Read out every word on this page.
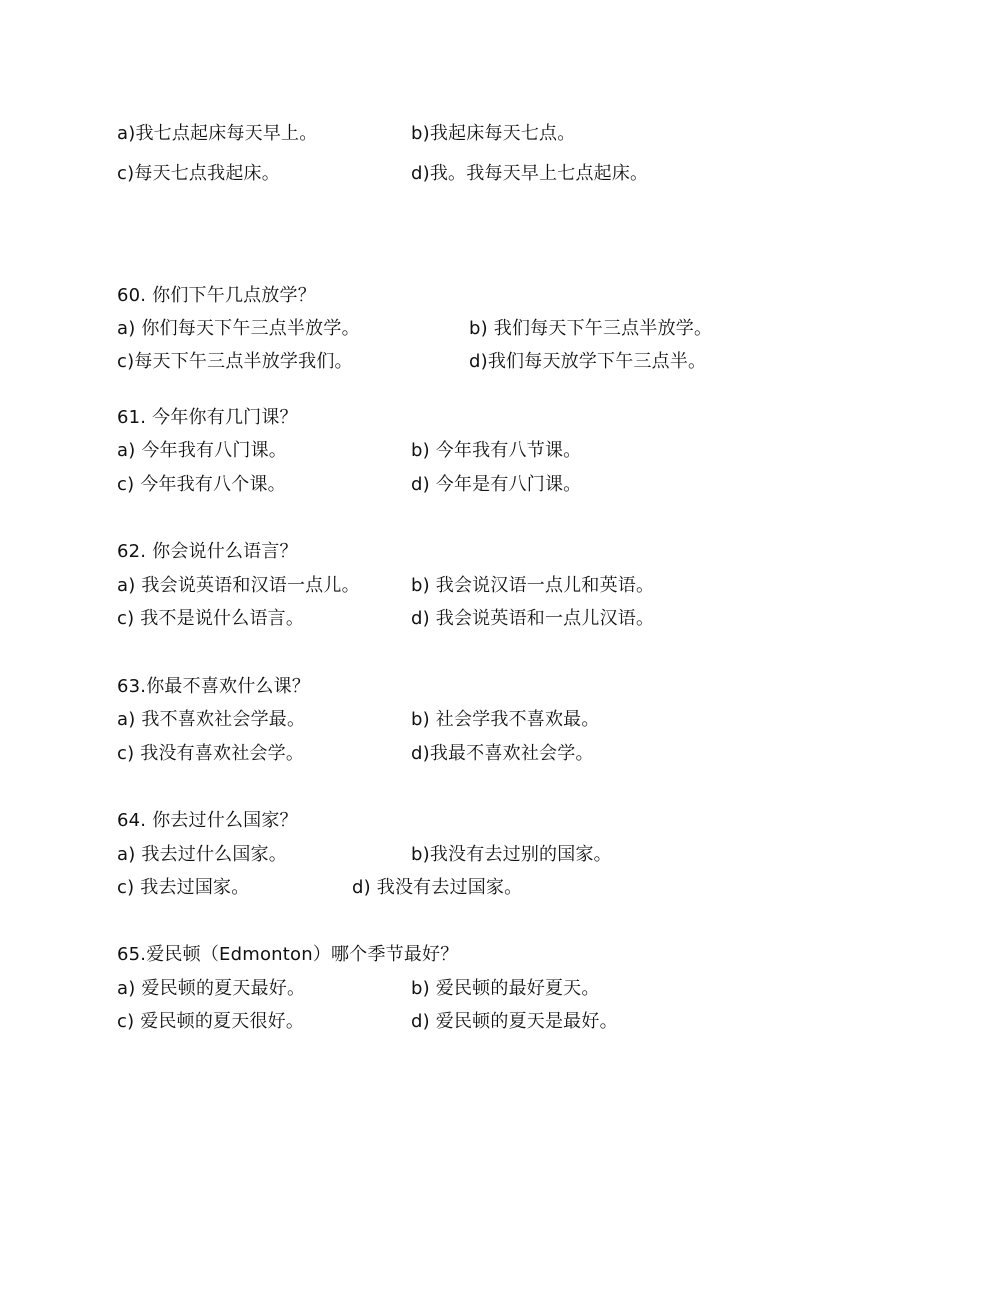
a)我七点起床每天早上。	b)我起床每天七点。
c)每天七点我起床。	d)我。我每天早上七点起床。
60. 你们下午几点放学？
a) 你们每天下午三点半放学。	b) 我们每天下午三点半放学。
c)每天下午三点半放学我们。	d)我们每天放学下午三点半。
61. 今年你有几门课？
a) 今年我有八门课。	b) 今年我有八节课。
c) 今年我有八个课。	d) 今年是有八门课。
62. 你会说什么语言？
a) 我会说英语和汉语一点儿。	b) 我会说汉语一点儿和英语。
c) 我不是说什么语言。	d) 我会说英语和一点儿汉语。
63.你最不喜欢什么课？
a) 我不喜欢社会学最。	b) 社会学我不喜欢最。
c) 我没有喜欢社会学。	d)我最不喜欢社会学。
64. 你去过什么国家？
a) 我去过什么国家。	b)我没有去过别的国家。
c) 我去过国家。	d) 我没有去过国家。
65.爱民顿（Edmonton）哪个季节最好？
a) 爱民顿的夏天最好。	b) 爱民顿的最好夏天。
c) 爱民顿的夏天很好。	d) 爱民顿的夏天是最好。
